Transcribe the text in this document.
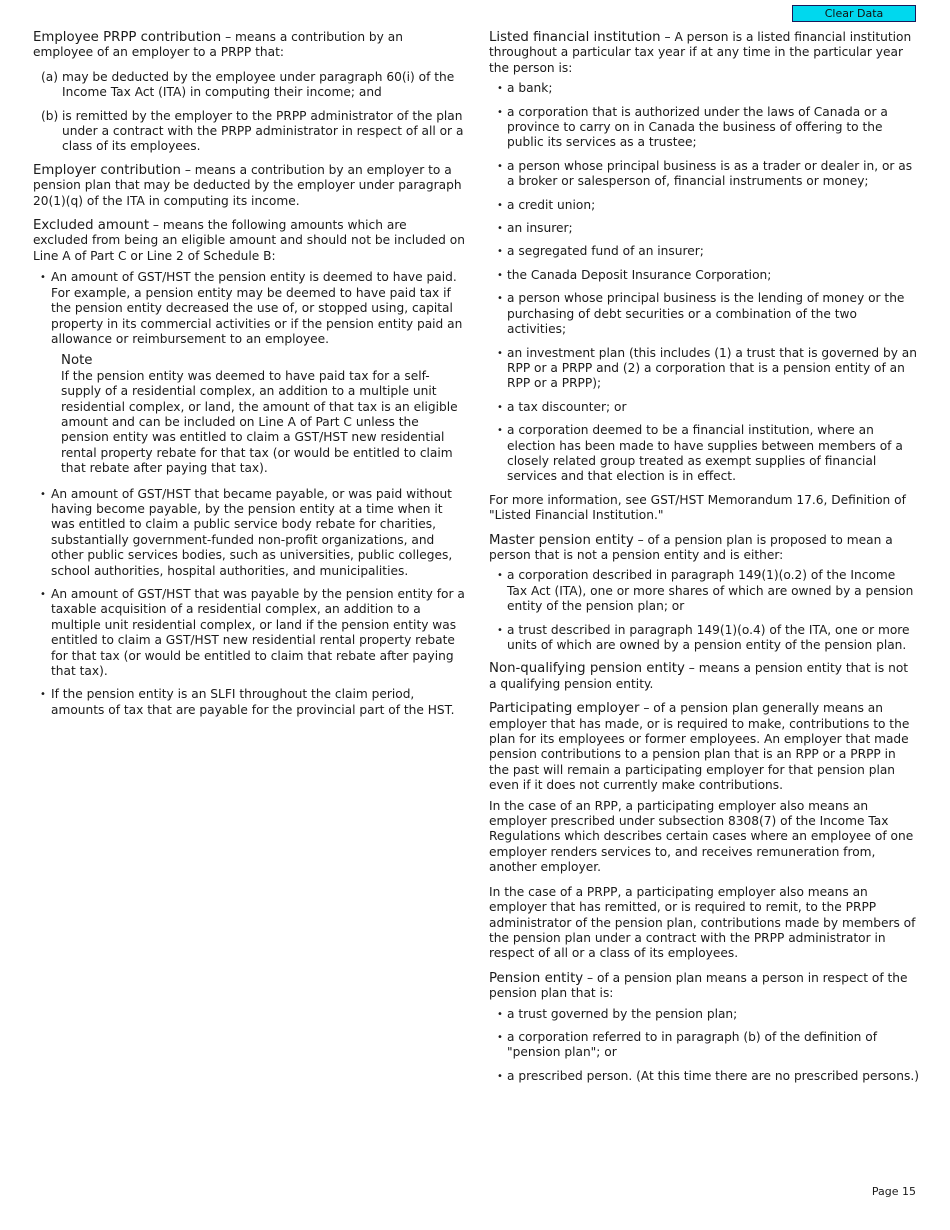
Clear Data

Employee PRPP contribution – means a contribution by an employee of an employer to a PRPP that:

(a) may be deducted by the employee under paragraph 60(i) of the Income Tax Act (ITA) in computing their income; and
(b) is remitted by the employer to the PRPP administrator of the plan under a contract with the PRPP administrator in respect of all or a class of its employees.

Employer contribution – means a contribution by an employer to a pension plan that may be deducted by the employer under paragraph 20(1)(q) of the ITA in computing its income.

Excluded amount – means the following amounts which are excluded from being an eligible amount and should not be included on Line A of Part C or Line 2 of Schedule B:

• An amount of GST/HST the pension entity is deemed to have paid. For example, a pension entity may be deemed to have paid tax if the pension entity decreased the use of, or stopped using, capital property in its commercial activities or if the pension entity paid an allowance or reimbursement to an employee.
Note
If the pension entity was deemed to have paid tax for a self-supply of a residential complex, an addition to a multiple unit residential complex, or land, the amount of that tax is an eligible amount and can be included on Line A of Part C unless the pension entity was entitled to claim a GST/HST new residential rental property rebate for that tax (or would be entitled to claim that rebate after paying that tax).
• An amount of GST/HST that became payable, or was paid without having become payable, by the pension entity at a time when it was entitled to claim a public service body rebate for charities, substantially government-funded non-profit organizations, and other public services bodies, such as universities, public colleges, school authorities, hospital authorities, and municipalities.
• An amount of GST/HST that was payable by the pension entity for a taxable acquisition of a residential complex, an addition to a multiple unit residential complex, or land if the pension entity was entitled to claim a GST/HST new residential rental property rebate for that tax (or would be entitled to claim that rebate after paying that tax).
• If the pension entity is an SLFI throughout the claim period, amounts of tax that are payable for the provincial part of the HST.

Listed financial institution – A person is a listed financial institution throughout a particular tax year if at any time in the particular year the person is:

• a bank;
• a corporation that is authorized under the laws of Canada or a province to carry on in Canada the business of offering to the public its services as a trustee;
• a person whose principal business is as a trader or dealer in, or as a broker or salesperson of, financial instruments or money;
• a credit union;
• an insurer;
• a segregated fund of an insurer;
• the Canada Deposit Insurance Corporation;
• a person whose principal business is the lending of money or the purchasing of debt securities or a combination of the two activities;
• an investment plan (this includes (1) a trust that is governed by an RPP or a PRPP and (2) a corporation that is a pension entity of an RPP or a PRPP);
• a tax discounter; or
• a corporation deemed to be a financial institution, where an election has been made to have supplies between members of a closely related group treated as exempt supplies of financial services and that election is in effect.

For more information, see GST/HST Memorandum 17.6, Definition of "Listed Financial Institution."

Master pension entity – of a pension plan is proposed to mean a person that is not a pension entity and is either:

• a corporation described in paragraph 149(1)(o.2) of the Income Tax Act (ITA), one or more shares of which are owned by a pension entity of the pension plan; or
• a trust described in paragraph 149(1)(o.4) of the ITA, one or more units of which are owned by a pension entity of the pension plan.

Non-qualifying pension entity – means a pension entity that is not a qualifying pension entity.

Participating employer – of a pension plan generally means an employer that has made, or is required to make, contributions to the plan for its employees or former employees. An employer that made pension contributions to a pension plan that is an RPP or a PRPP in the past will remain a participating employer for that pension plan even if it does not currently make contributions.

In the case of an RPP, a participating employer also means an employer prescribed under subsection 8308(7) of the Income Tax Regulations which describes certain cases where an employee of one employer renders services to, and receives remuneration from, another employer.

In the case of a PRPP, a participating employer also means an employer that has remitted, or is required to remit, to the PRPP administrator of the pension plan, contributions made by members of the pension plan under a contract with the PRPP administrator in respect of all or a class of its employees.

Pension entity – of a pension plan means a person in respect of the pension plan that is:

• a trust governed by the pension plan;
• a corporation referred to in paragraph (b) of the definition of "pension plan"; or
• a prescribed person. (At this time there are no prescribed persons.)
Page 15
